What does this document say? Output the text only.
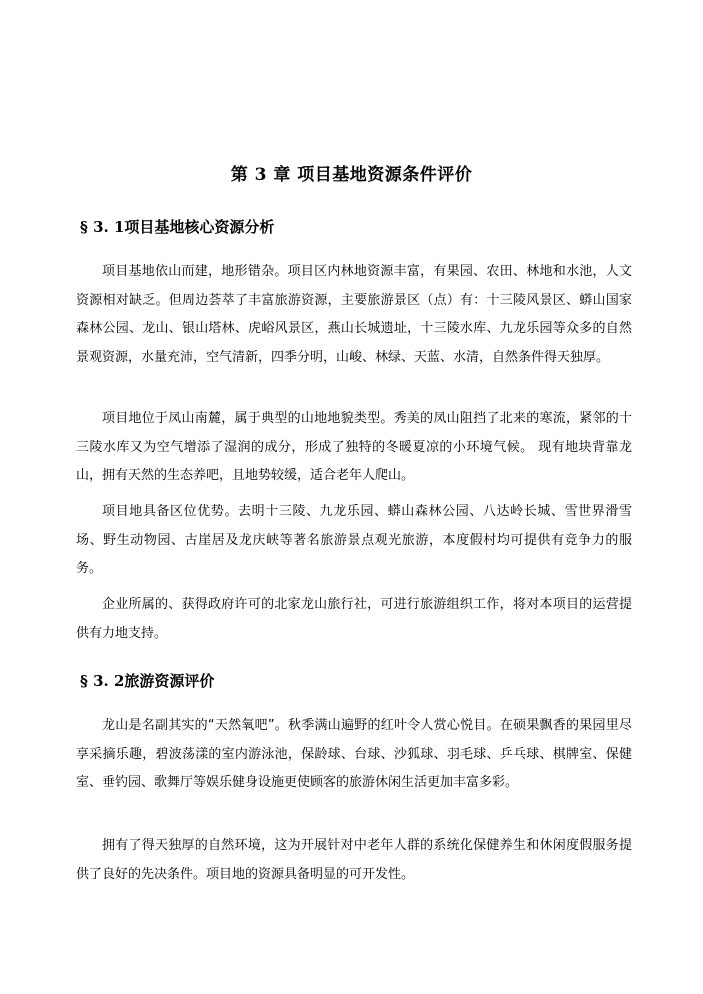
第 3 章 项目基地资源条件评价
§ 3. 1项目基地核心资源分析

项目基地依山而建，地形错杂。项目区内林地资源丰富，有果园、农田、林地和水池，人文资源相对缺乏。但周边荟萃了丰富旅游资源，主要旅游景区（点）有：十三陵风景区、蟒山国家森林公园、龙山、银山塔林、虎峪风景区，燕山长城遗址，十三陵水库、九龙乐园等众多的自然景观资源，水量充沛，空气清新，四季分明，山峻、林绿、天蓝、水清，自然条件得天独厚。

项目地位于凤山南麓，属于典型的山地地貌类型。秀美的凤山阻挡了北来的寒流，紧邻的十三陵水库又为空气增添了湿润的成分，形成了独特的冬暖夏凉的小环境气候。 现有地块背靠龙山，拥有天然的生态养吧，且地势较缓，适合老年人爬山。

项目地具备区位优势。去明十三陵、九龙乐园、蟒山森林公园、八达岭长城、雪世界滑雪场、野生动物园、古崖居及龙庆峡等著名旅游景点观光旅游，本度假村均可提供有竞争力的服务。

企业所属的、获得政府许可的北家龙山旅行社，可进行旅游组织工作，将对本项目的运营提供有力地支持。

§ 3. 2旅游资源评价

龙山是名副其实的“天然氧吧”。秋季满山遍野的红叶令人赏心悦目。在硕果飘香的果园里尽享采摘乐趣，碧波荡漾的室内游泳池，保龄球、台球、沙狐球、羽毛球、乒乓球、棋牌室、保健室、垂钓园、歌舞厅等娱乐健身设施更使顾客的旅游休闲生活更加丰富多彩。

拥有了得天独厚的自然环境，这为开展针对中老年人群的系统化保健养生和休闲度假服务提供了良好的先决条件。项目地的资源具备明显的可开发性。
